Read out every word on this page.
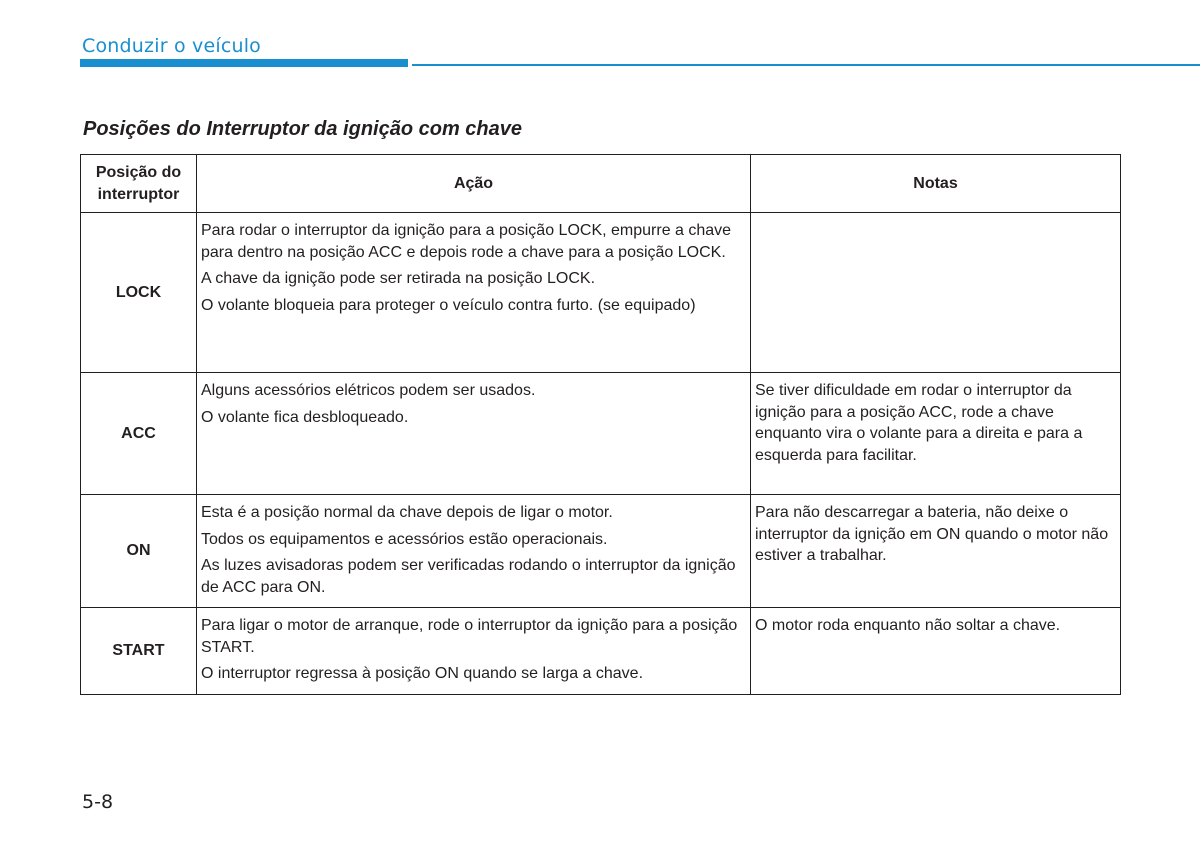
Conduzir o veículo
Posições do Interruptor da ignição com chave
Posição do interruptor	Ação	Notas
LOCK	Para rodar o interruptor da ignição para a posição LOCK, empurre a chave para dentro na posição ACC e depois rode a chave para a posição LOCK.

A chave da ignição pode ser retirada na posição LOCK.

O volante bloqueia para proteger o veículo contra furto. (se equipado)	

ACC	Alguns acessórios elétricos podem ser usados.

O volante fica desbloqueado.	Se tiver dificuldade em rodar o interruptor da ignição para a posição ACC, rode a chave enquanto vira o volante para a direita e para a esquerda para facilitar.

ON	Esta é a posição normal da chave depois de ligar o motor.

Todos os equipamentos e acessórios estão operacionais.

As luzes avisadoras podem ser verificadas rodando o interruptor da ignição de ACC para ON.	Para não descarregar a bateria, não deixe o interruptor da ignição em ON quando o motor não estiver a trabalhar.

START	Para ligar o motor de arranque, rode o interruptor da ignição para a posição START.

O interruptor regressa à posição ON quando se larga a chave.	O motor roda enquanto não soltar a chave.

5-8
